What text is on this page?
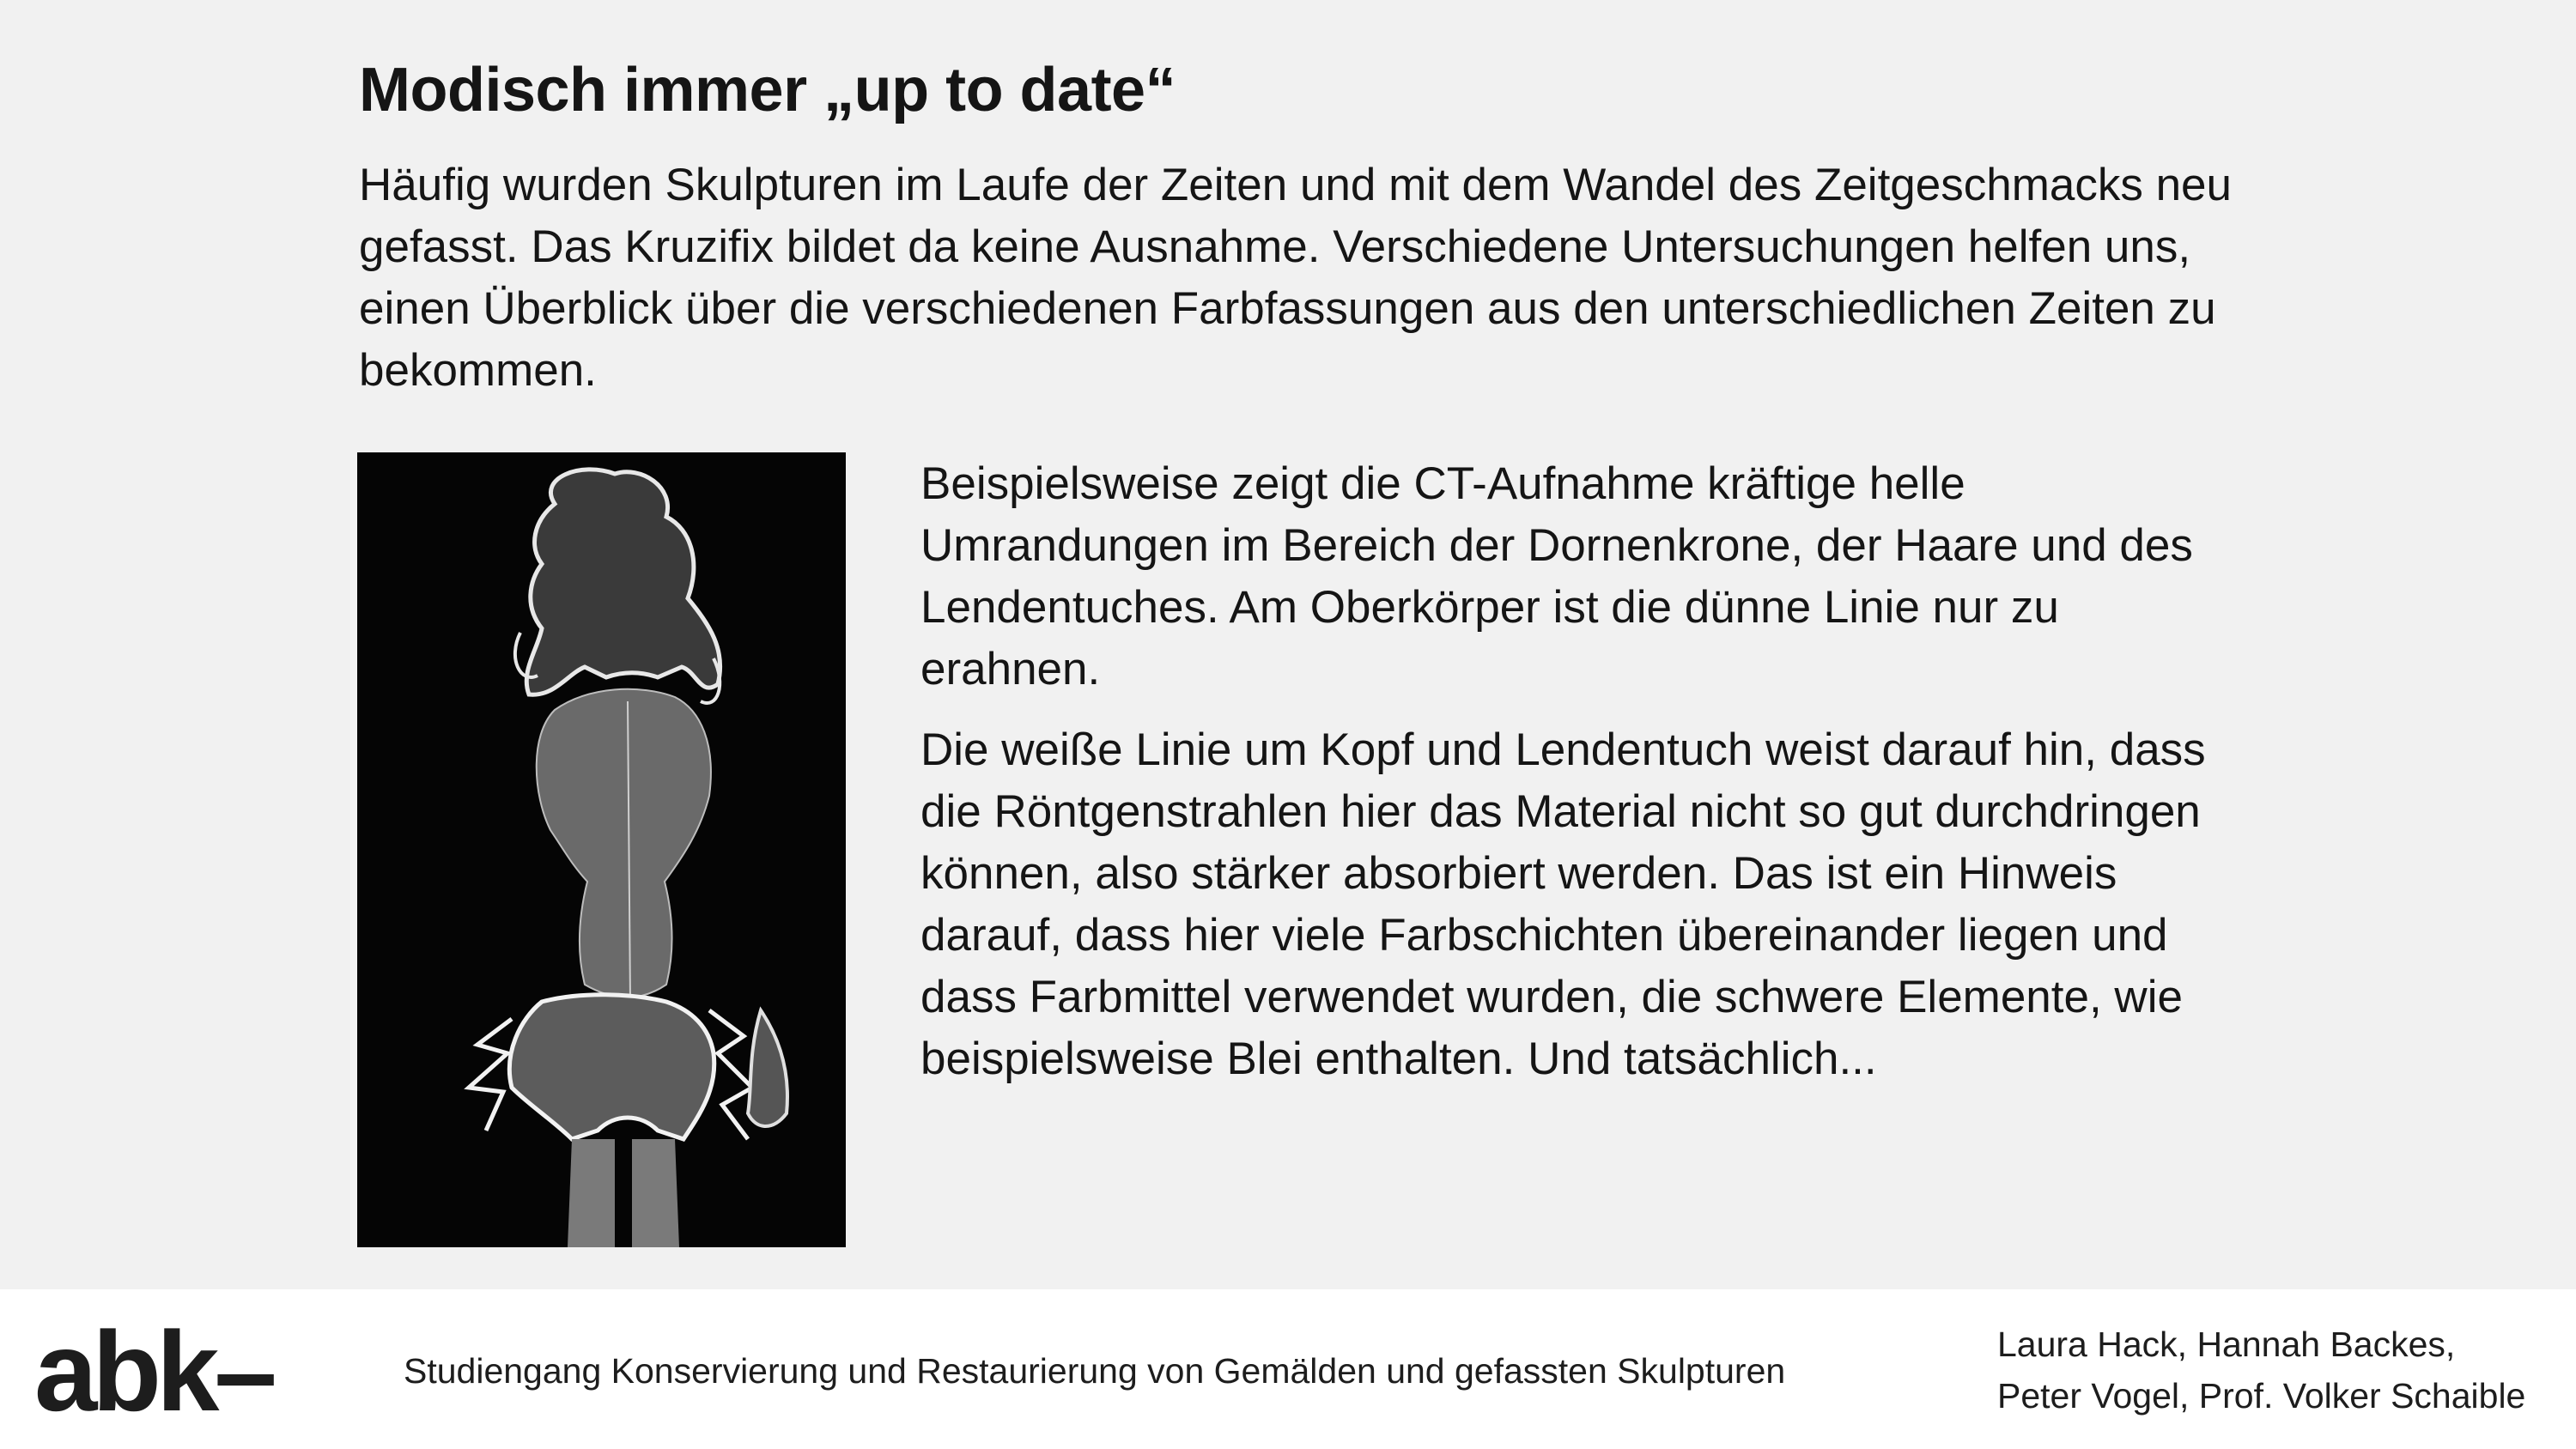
Modisch immer „up to date“

Häufig wurden Skulpturen im Laufe der Zeiten und mit dem Wandel des Zeitgeschmacks neu gefasst. Das Kruzifix bildet da keine Ausnahme. Verschiedene Untersuchungen helfen uns, einen Überblick über die verschiedenen Farbfassungen aus den unterschiedlichen Zeiten zu bekommen.

Beispielsweise zeigt die CT-Aufnahme kräftige helle Umrandungen im Bereich der Dornenkrone, der Haare und des Lendentuches. Am Oberkörper ist die dünne Linie nur zu erahnen.

Die weiße Linie um Kopf und Lendentuch weist darauf hin, dass die Röntgenstrahlen hier das Material nicht so gut durchdringen können, also stärker absorbiert werden. Das ist ein Hinweis darauf, dass hier viele Farbschichten übereinander liegen und dass Farbmittel verwendet wurden, die schwere Elemente, wie beispielsweise Blei enthalten. Und tatsächlich...

abk–	Studiengang Konservierung und Restaurierung von Gemälden und gefassten Skulpturen
Laura Hack, Hannah Backes,
Peter Vogel, Prof. Volker Schaible
